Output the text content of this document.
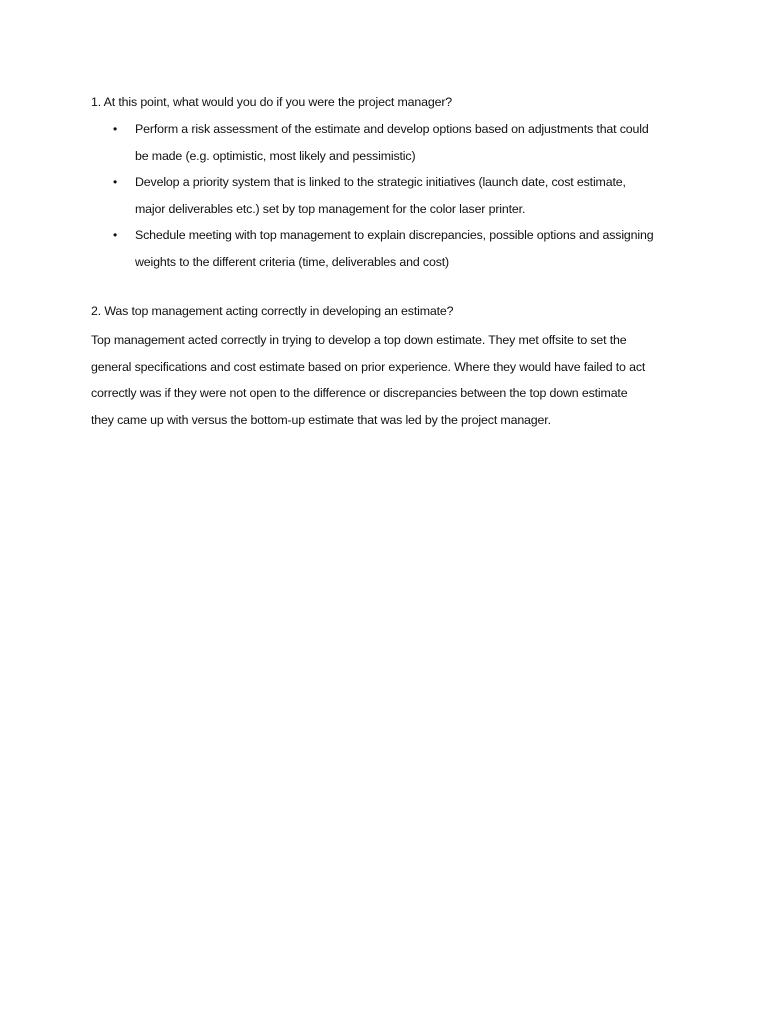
1. At this point, what would you do if you were the project manager?
• Perform a risk assessment of the estimate and develop options based on adjustments that could
be made (e.g. optimistic, most likely and pessimistic)
• Develop a priority system that is linked to the strategic initiatives (launch date, cost estimate,
major deliverables etc.) set by top management for the color laser printer.
• Schedule meeting with top management to explain discrepancies, possible options and assigning
weights to the different criteria (time, deliverables and cost)
2. Was top management acting correctly in developing an estimate?
Top management acted correctly in trying to develop a top down estimate. They met offsite to set the
general specifications and cost estimate based on prior experience. Where they would have failed to act
correctly was if they were not open to the difference or discrepancies between the top down estimate
they came up with versus the bottom-up estimate that was led by the project manager.
